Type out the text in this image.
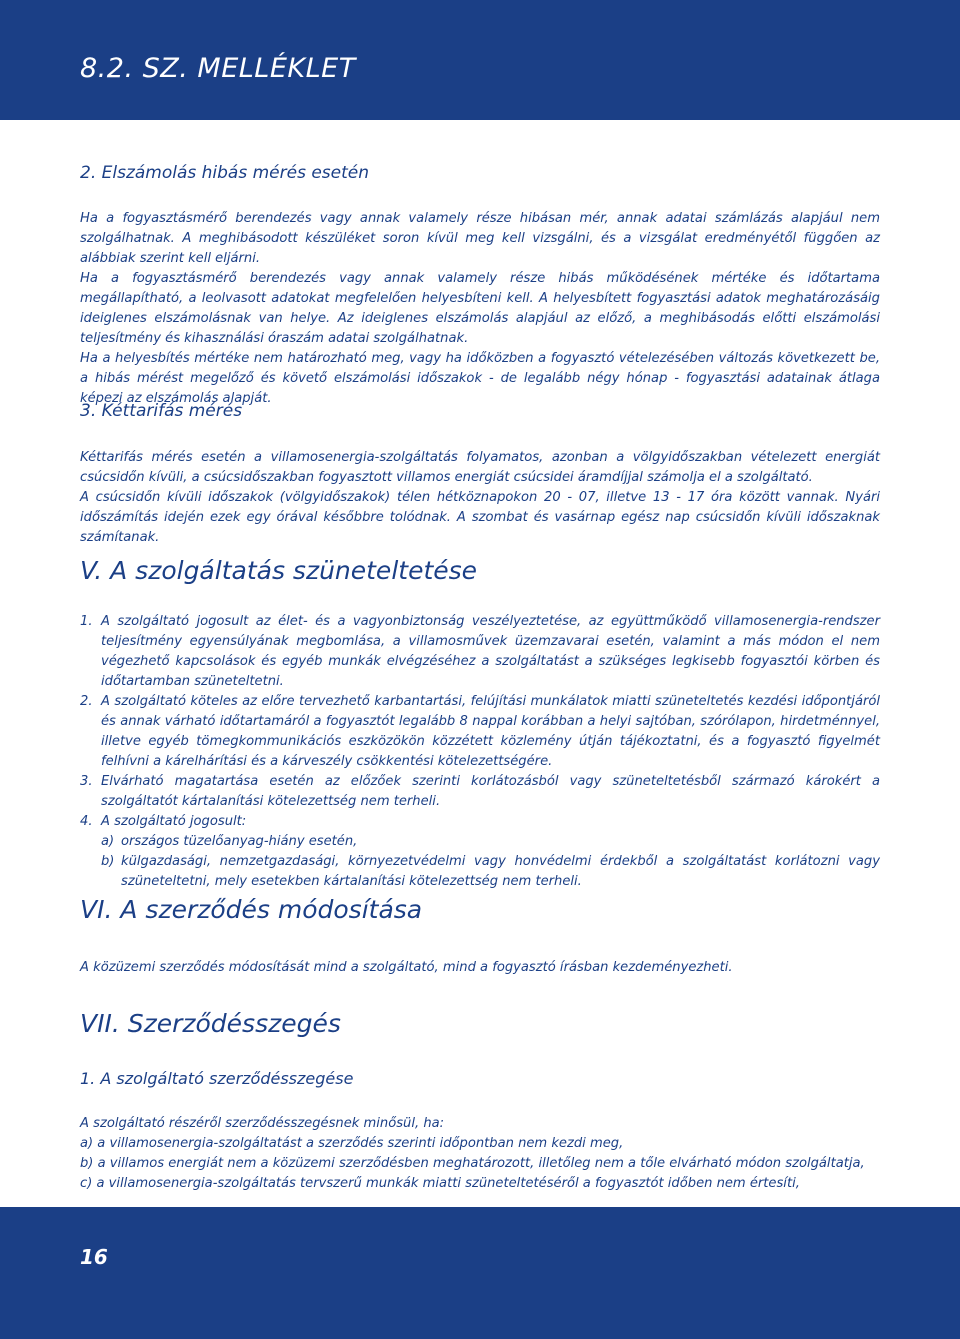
8.2. SZ. MELLÉKLET
2. Elszámolás hibás mérés esetén

Ha a fogyasztásmérő berendezés vagy annak valamely része hibásan mér, annak adatai számlázás alapjául nem szolgálhatnak. A meghibásodott készüléket soron kívül meg kell vizsgálni, és a vizsgálat eredményétől függően az alábbiak szerint kell eljárni.

Ha a fogyasztásmérő berendezés vagy annak valamely része hibás működésének mértéke és időtartama megállapítható, a leolvasott adatokat megfelelően helyesbíteni kell. A helyesbített fogyasztási adatok meghatározásáig ideiglenes elszámolásnak van helye. Az ideiglenes elszámolás alapjául az előző, a meghibásodás előtti elszámolási teljesítmény és kihasználási óraszám adatai szolgálhatnak.

Ha a helyesbítés mértéke nem határozható meg, vagy ha időközben a fogyasztó vételezésében változás következett be, a hibás mérést megelőző és követő elszámolási időszakok - de legalább négy hónap - fogyasztási adatainak átlaga képezi az elszámolás alapját.

3. Kéttarifás mérés

Kéttarifás mérés esetén a villamosenergia-szolgáltatás folyamatos, azonban a völgyidőszakban vételezett energiát csúcsidőn kívüli, a csúcsidőszakban fogyasztott villamos energiát csúcsidei áramdíjjal számolja el a szolgáltató.

A csúcsidőn kívüli időszakok (völgyidőszakok) télen hétköznapokon 20 - 07, illetve 13 - 17 óra között vannak. Nyári időszámítás idején ezek egy órával későbbre tolódnak. A szombat és vasárnap egész nap csúcsidőn kívüli időszaknak számítanak.

V. A szolgáltatás szüneteltetése
1. A szolgáltató jogosult az élet- és a vagyonbiztonság veszélyeztetése, az együttműködő villamosenergia-rendszer teljesítmény egyensúlyának megbomlása, a villamosművek üzemzavarai esetén, valamint a más módon el nem végezhető kapcsolások és egyéb munkák elvégzéséhez a szolgáltatást a szükséges legkisebb fogyasztói körben és időtartamban szüneteltetni.
2. A szolgáltató köteles az előre tervezhető karbantartási, felújítási munkálatok miatti szüneteltetés kezdési időpontjáról és annak várható időtartamáról a fogyasztót legalább 8 nappal korábban a helyi sajtóban, szórólapon, hirdetménnyel, illetve egyéb tömegkommunikációs eszközökön közzétett közlemény útján tájékoztatni, és a fogyasztó figyelmét felhívni a kárelhárítási és a kárveszély csökkentési kötelezettségére.
3. Elvárható magatartása esetén az előzőek szerinti korlátozásból vagy szüneteltetésből származó károkért a szolgáltatót kártalanítási kötelezettség nem terheli.
4. A szolgáltató jogosult:
a) országos tüzelőanyag-hiány esetén,
b) külgazdasági, nemzetgazdasági, környezetvédelmi vagy honvédelmi érdekből a szolgáltatást korlátozni vagy szüneteltetni, mely esetekben kártalanítási kötelezettség nem terheli.
VI. A szerződés módosítása

A közüzemi szerződés módosítását mind a szolgáltató, mind a fogyasztó írásban kezdeményezheti.

VII. Szerződésszegés
1. A szolgáltató szerződésszegése

A szolgáltató részéről szerződésszegésnek minősül, ha:

a) a villamosenergia-szolgáltatást a szerződés szerinti időpontban nem kezdi meg,

b) a villamos energiát nem a közüzemi szerződésben meghatározott, illetőleg nem a tőle elvárható módon szolgáltatja,

c) a villamosenergia-szolgáltatás tervszerű munkák miatti szüneteltetéséről a fogyasztót időben nem értesíti,

16
